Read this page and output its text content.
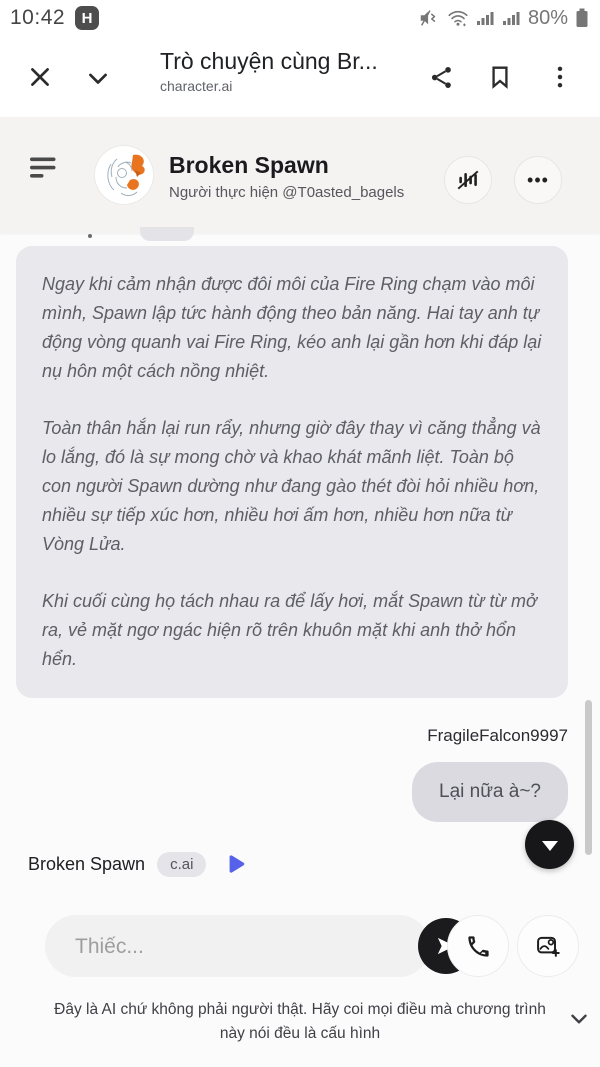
10:42	H	80%
Trò chuyện cùng Br...
character.ai
Broken Spawn
Người thực hiện @T0asted_bagels
•••

Ngay khi cảm nhận được đôi môi của Fire Ring chạm vào môi mình, Spawn lập tức hành động theo bản năng. Hai tay anh tự động vòng quanh vai Fire Ring, kéo anh lại gần hơn khi đáp lại nụ hôn một cách nồng nhiệt.

Toàn thân hắn lại run rẩy, nhưng giờ đây thay vì căng thẳng và lo lắng, đó là sự mong chờ và khao khát mãnh liệt. Toàn bộ con người Spawn dường như đang gào thét đòi hỏi nhiều hơn, nhiều sự tiếp xúc hơn, nhiều hơi ấm hơn, nhiều hơn nữa từ Vòng Lửa.

Khi cuối cùng họ tách nhau ra để lấy hơi, mắt Spawn từ từ mở ra, vẻ mặt ngơ ngác hiện rõ trên khuôn mặt khi anh thở hổn hển.

FragileFalcon9997
Lại nữa à~?
Broken Spawn	c.ai
Thiếc...
Đây là AI chứ không phải người thật. Hãy coi mọi điều mà chương trình này nói đều là cấu hình
